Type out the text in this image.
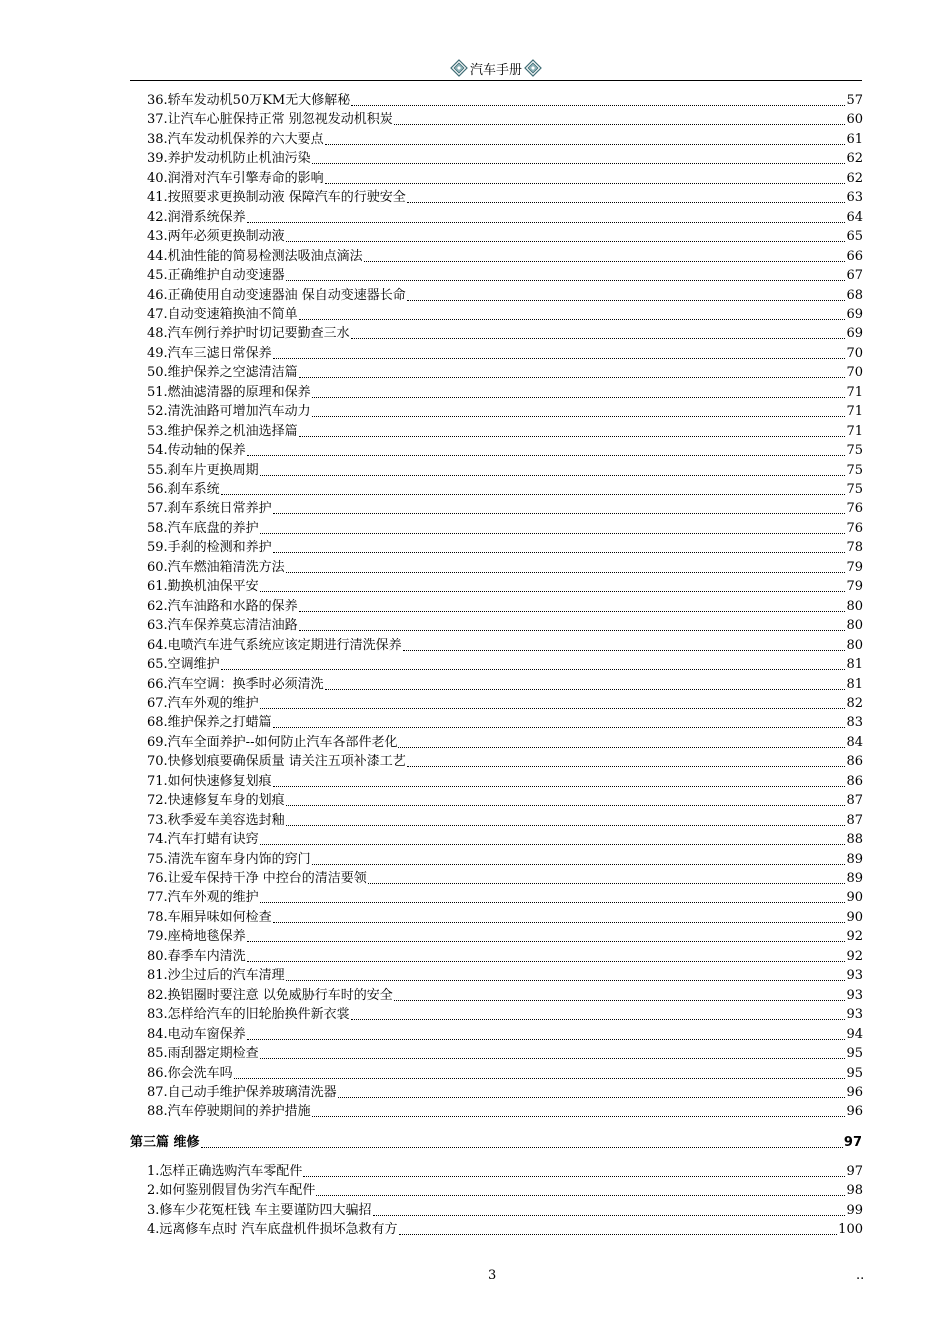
汽车手册
36.轿车发动机50万KM无大修解秘	57
37.让汽车心脏保持正常 别忽视发动机积炭	60
38.汽车发动机保养的六大要点	61
39.养护发动机防止机油污染	62
40.润滑对汽车引擎寿命的影响	62
41.按照要求更换制动液 保障汽车的行驶安全	63
42.润滑系统保养	64
43.两年必须更换制动液	65
44.机油性能的简易检测法吸油点滴法	66
45.正确维护自动变速器	67
46.正确使用自动变速器油 保自动变速器长命	68
47.自动变速箱换油不简单	69
48.汽车例行养护时切记要勤查三水	69
49.汽车三滤日常保养	70
50.维护保养之空滤清洁篇	70
51.燃油滤清器的原理和保养	71
52.清洗油路可增加汽车动力	71
53.维护保养之机油选择篇	71
54.传动轴的保养	75
55.刹车片更换周期	75
56.刹车系统	75
57.刹车系统日常养护	76
58.汽车底盘的养护	76
59.手刹的检测和养护	78
60.汽车燃油箱清洗方法	79
61.勤换机油保平安	79
62.汽车油路和水路的保养	80
63.汽车保养莫忘清洁油路	80
64.电喷汽车进气系统应该定期进行清洗保养	80
65.空调维护	81
66.汽车空调：换季时必须清洗	81
67.汽车外观的维护	82
68.维护保养之打蜡篇	83
69.汽车全面养护--如何防止汽车各部件老化	84
70.快修划痕要确保质量 请关注五项补漆工艺	86
71.如何快速修复划痕	86
72.快速修复车身的划痕	87
73.秋季爱车美容选封釉	87
74.汽车打蜡有诀窍	88
75.清洗车窗车身内饰的窍门	89
76.让爱车保持干净 中控台的清洁要领	89
77.汽车外观的维护	90
78.车厢异味如何检查	90
79.座椅地毯保养	92
80.春季车内清洗	92
81.沙尘过后的汽车清理	93
82.换铝圈时要注意 以免威胁行车时的安全	93
83.怎样给汽车的旧轮胎换件新衣裳	93
84.电动车窗保养	94
85.雨刮器定期检查	95
86.你会洗车吗	95
87.自己动手维护保养玻璃清洗器	96
88.汽车停驶期间的养护措施	96
第三篇 维修	97
1.怎样正确选购汽车零配件	97
2.如何鉴别假冒伪劣汽车配件	98
3.修车少花冤枉钱 车主要谨防四大骗招	99
4.远离修车点时 汽车底盘机件损坏急救有方	100
3	..
